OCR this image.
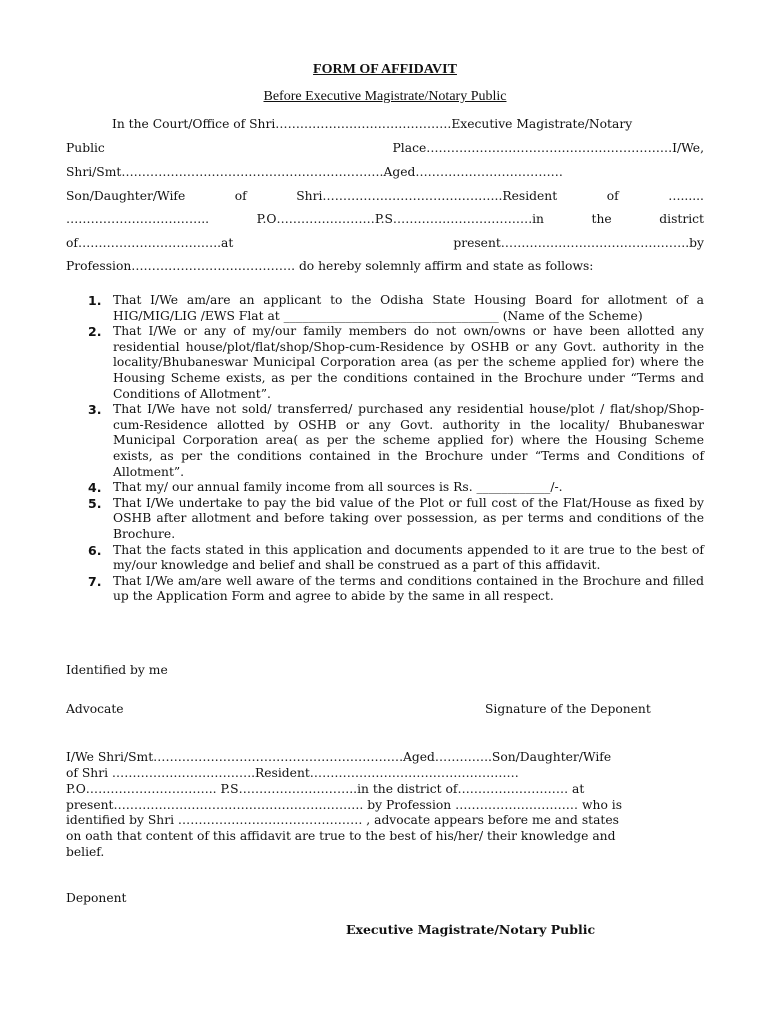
FORM OF AFFIDAVIT
Before Executive Magistrate/Notary Public
In the Court/Office of Shri…………………………………….Executive Magistrate/Notary
Public	Place……………………………………………………I/We,
Shri/Smt……………………………………………………….Aged………………………………
Son/Daughter/Wife	of	Shri……………………………………..Resident	of	…......
……………………………..	P.O……………………P.S…………………………….in	the	district
of……………………………..at	present……………………………………….by
Profession…………………………………. do hereby solemnly affirm and state as follows:
1. That I/We am/are an applicant to the Odisha State Housing Board for allotment of a HIG/MIG/LIG /EWS Flat at ___________________________________ (Name of the Scheme)
2. That I/We or any of my/our family members do not own/owns or have been allotted any residential house/plot/flat/shop/Shop-cum-Residence by OSHB or any Govt. authority in the locality/Bhubaneswar Municipal Corporation area (as per the scheme applied for) where the Housing Scheme exists, as per the conditions contained in the Brochure under “Terms and Conditions of Allotment”.
3. That I/We have not sold/ transferred/ purchased any residential house/plot / flat/shop/Shop-cum-Residence allotted by OSHB or any Govt. authority in the locality/ Bhubaneswar Municipal Corporation area( as per the scheme applied for) where the Housing Scheme exists, as per the conditions contained in the Brochure under “Terms and Conditions of Allotment”.
4. That my/ our annual family income from all sources is Rs. ____________/-.
5. That I/We undertake to pay the bid value of the Plot or full cost of the Flat/House as fixed by OSHB after allotment and before taking over possession, as per terms and conditions of the Brochure.
6. That the facts stated in this application and documents appended to it are true to the best of my/our knowledge and belief and shall be construed as a part of this affidavit.
7. That I/We am/are well aware of the terms and conditions contained in the Brochure and filled up the Application Form and agree to abide by the same in all respect.
Identified by me
Advocate	Signature of the Deponent
I/We Shri/Smt…………………………………………………….Aged…………..Son/Daughter/Wife
of Shri ……………………………..Resident……………………………………………
P.O………………………….. P.S………………………..in the district of……………………… at
present……………………………………………………. by Profession ………………………… who is
identified by Shri ……………………………………… , advocate appears before me and states
on oath that content of this affidavit are true to the best of his/her/ their knowledge and
belief.
Deponent
Executive Magistrate/Notary Public
